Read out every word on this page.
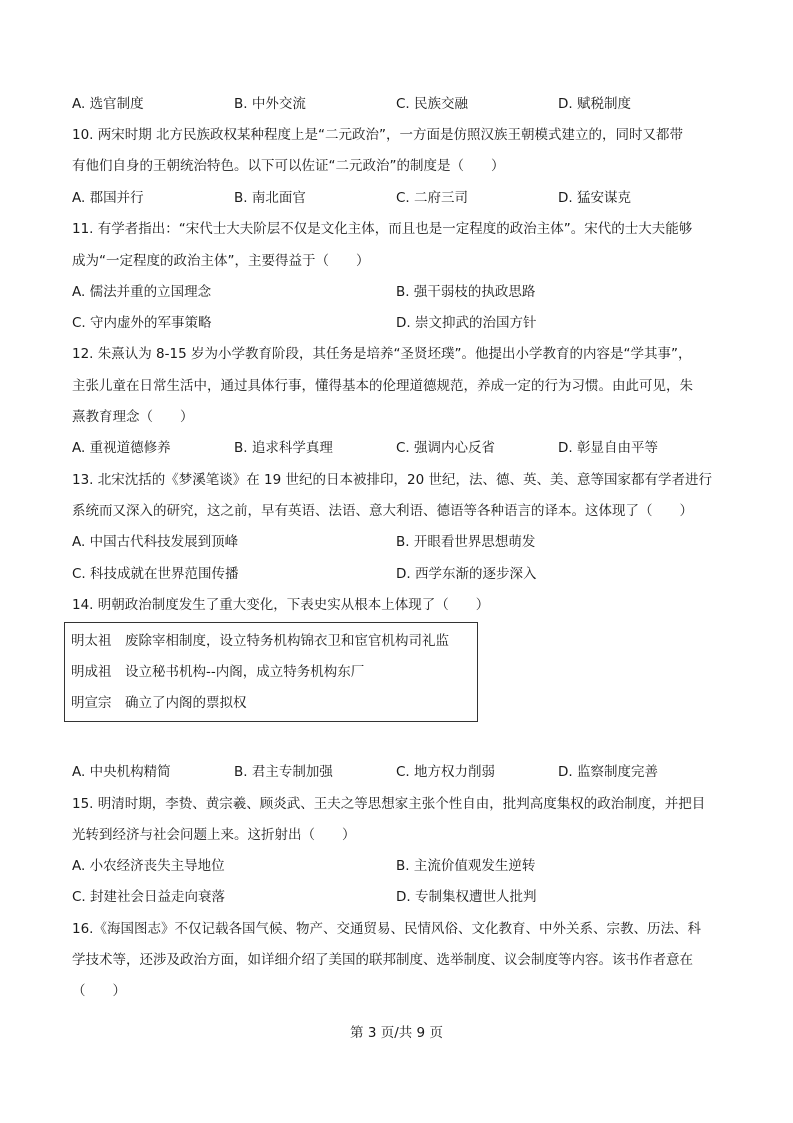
A. 选官制度	B. 中外交流	C. 民族交融	D. 赋税制度
10. 两宋时期 北方民族政权某种程度上是“二元政治”，一方面是仿照汉族王朝模式建立的，同时又都带
有他们自身的王朝统治特色。以下可以佐证“二元政治”的制度是（　　）
A. 郡国并行	B. 南北面官	C. 二府三司	D. 猛安谋克
11. 有学者指出：“宋代士大夫阶层不仅是文化主体，而且也是一定程度的政治主体”。宋代的士大夫能够
成为“一定程度的政治主体”，主要得益于（　　）
A. 儒法并重的立国理念	B. 强干弱枝的执政思路
C. 守内虚外的军事策略	D. 崇文抑武的治国方针
12. 朱熹认为 8-15 岁为小学教育阶段，其任务是培养“圣贤坯璞”。他提出小学教育的内容是“学其事”，
主张儿童在日常生活中，通过具体行事，懂得基本的伦理道德规范，养成一定的行为习惯。由此可见，朱
熹教育理念（　　）
A. 重视道德修养	B. 追求科学真理	C. 强调内心反省	D. 彰显自由平等
13. 北宋沈括的《梦溪笔谈》在 19 世纪的日本被排印，20 世纪，法、德、英、美、意等国家都有学者进行
系统而又深入的研究，这之前，早有英语、法语、意大利语、德语等各种语言的译本。这体现了（　　）
A. 中国古代科技发展到顶峰	B. 开眼看世界思想萌发
C. 科技成就在世界范围传播	D. 西学东渐的逐步深入
14. 明朝政治制度发生了重大变化，下表史实从根本上体现了（　　）
明太祖　废除宰相制度，设立特务机构锦衣卫和宦官机构司礼监
明成祖　设立秘书机构--内阁，成立特务机构东厂
明宣宗　确立了内阁的票拟权
A. 中央机构精简	B. 君主专制加强	C. 地方权力削弱	D. 监察制度完善
15. 明清时期，李贽、黄宗羲、顾炎武、王夫之等思想家主张个性自由，批判高度集权的政治制度，并把目
光转到经济与社会问题上来。这折射出（　　）
A. 小农经济丧失主导地位	B. 主流价值观发生逆转
C. 封建社会日益走向衰落	D. 专制集权遭世人批判
16.《海国图志》不仅记载各国气候、物产、交通贸易、民情风俗、文化教育、中外关系、宗教、历法、科
学技术等，还涉及政治方面，如详细介绍了美国的联邦制度、选举制度、议会制度等内容。该书作者意在
（　　）
第 3 页/共 9 页
